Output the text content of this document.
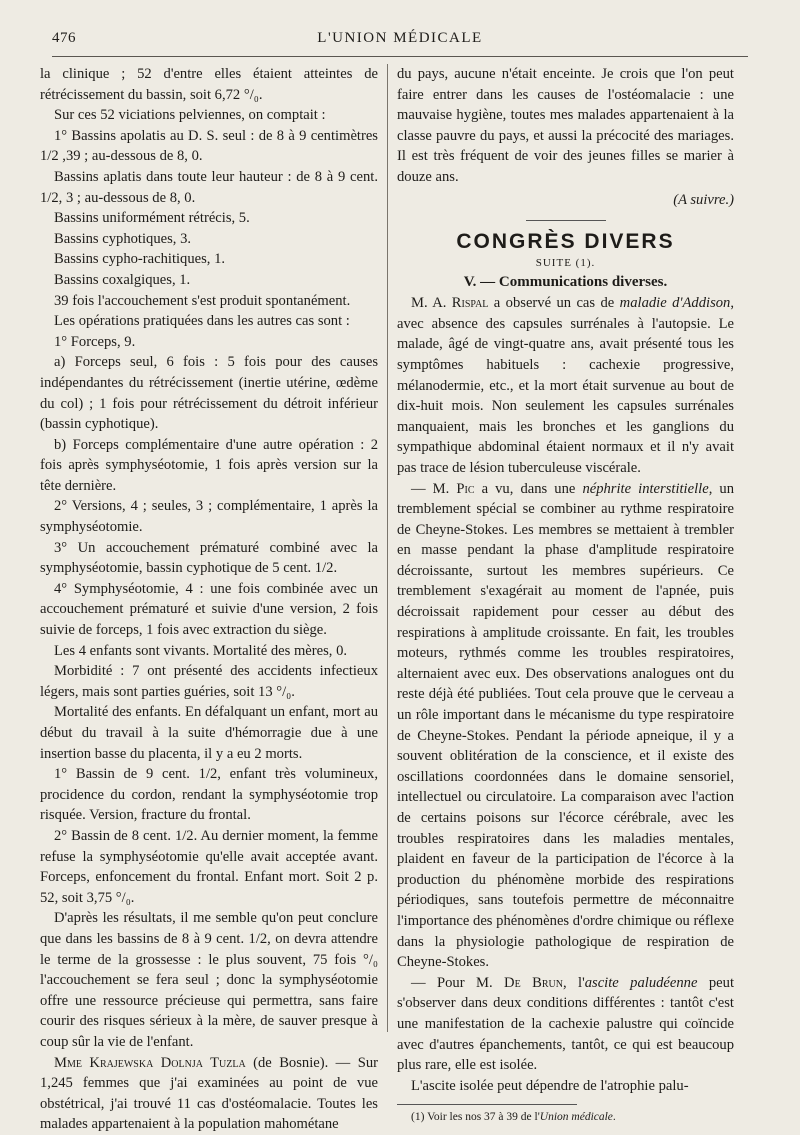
476	L'UNION MÉDICALE

la clinique ; 52 d'entre elles étaient atteintes de rétrécissement du bassin, soit 6,72 °/₀.

Sur ces 52 viciations pelviennes, on comptait :

1° Bassins apolatis au D. S. seul : de 8 à 9 centimètres 1/2 ,39 ; au-dessous de 8, 0.

Bassins aplatis dans toute leur hauteur : de 8 à 9 cent. 1/2, 3 ; au-dessous de 8, 0.

Bassins uniformément rétrécis, 5.

Bassins cyphotiques, 3.

Bassins cypho-rachitiques, 1.

Bassins coxalgiques, 1.

39 fois l'accouchement s'est produit spontanément.

Les opérations pratiquées dans les autres cas sont :

1° Forceps, 9.

a) Forceps seul, 6 fois : 5 fois pour des causes indépendantes du rétrécissement (inertie utérine, œdème du col) ; 1 fois pour rétrécissement du détroit inférieur (bassin cyphotique).

b) Forceps complémentaire d'une autre opération : 2 fois après symphyséotomie, 1 fois après version sur la tête dernière.

2° Versions, 4 ; seules, 3 ; complémentaire, 1 après la symphyséotomie.

3° Un accouchement prématuré combiné avec la symphyséotomie, bassin cyphotique de 5 cent. 1/2.

4° Symphyséotomie, 4 : une fois combinée avec un accouchement prématuré et suivie d'une version, 2 fois suivie de forceps, 1 fois avec extraction du siège.

Les 4 enfants sont vivants. Mortalité des mères, 0.

Morbidité : 7 ont présenté des accidents infectieux légers, mais sont parties guéries, soit 13 °/₀.

Mortalité des enfants. En défalquant un enfant, mort au début du travail à la suite d'hémorragie due à une insertion basse du placenta, il y a eu 2 morts.

1° Bassin de 9 cent. 1/2, enfant très volumineux, procidence du cordon, rendant la symphyséotomie trop risquée. Version, fracture du frontal.

2° Bassin de 8 cent. 1/2. Au dernier moment, la femme refuse la symphyséotomie qu'elle avait acceptée avant. Forceps, enfoncement du frontal. Enfant mort. Soit 2 p. 52, soit 3,75 °/₀.

D'après les résultats, il me semble qu'on peut conclure que dans les bassins de 8 à 9 cent. 1/2, on devra attendre le terme de la grossesse : le plus souvent, 75 fois °/₀ l'accouchement se fera seul ; donc la symphyséotomie offre une ressource précieuse qui permettra, sans faire courir des risques sérieux à la mère, de sauver presque à coup sûr la vie de l'enfant.

Mme Krajewska Dolnja Tuzla (de Bosnie). — Sur 1,245 femmes que j'ai examinées au point de vue obstétrical, j'ai trouvé 11 cas d'ostéomalacie. Toutes les malades appartenaient à la population mahométane

du pays, aucune n'était enceinte. Je crois que l'on peut faire entrer dans les causes de l'ostéomalacie : une mauvaise hygiène, toutes mes malades appartenaient à la classe pauvre du pays, et aussi la précocité des mariages. Il est très fréquent de voir des jeunes filles se marier à douze ans.

(A suivre.)

CONGRÈS DIVERS
SUITE (1).
V. — Communications diverses.

M. A. Rispal a observé un cas de maladie d'Addison, avec absence des capsules surrénales à l'autopsie. Le malade, âgé de vingt-quatre ans, avait présenté tous les symptômes habituels : cachexie progressive, mélanodermie, etc., et la mort était survenue au bout de dix-huit mois. Non seulement les capsules surrénales manquaient, mais les bronches et les ganglions du sympathique abdominal étaient normaux et il n'y avait pas trace de lésion tuberculeuse viscérale.

— M. Pic a vu, dans une néphrite interstitielle, un tremblement spécial se combiner au rythme respiratoire de Cheyne-Stokes. Les membres se mettaient à trembler en masse pendant la phase d'amplitude respiratoire décroissante, surtout les membres supérieurs. Ce tremblement s'exagérait au moment de l'apnée, puis décroissait rapidement pour cesser au début des respirations à amplitude croissante. En fait, les troubles moteurs, rythmés comme les troubles respiratoires, alternaient avec eux. Des observations analogues ont du reste déjà été publiées. Tout cela prouve que le cerveau a un rôle important dans le mécanisme du type respiratoire de Cheyne-Stokes. Pendant la période apneique, il y a souvent oblitération de la conscience, et il existe des oscillations coordonnées dans le domaine sensoriel, intellectuel ou circulatoire. La comparaison avec l'action de certains poisons sur l'écorce cérébrale, avec les troubles respiratoires dans les maladies mentales, plaident en faveur de la participation de l'écorce à la production du phénomène morbide des respirations périodiques, sans toutefois permettre de méconnaitre l'importance des phénomènes d'ordre chimique ou réflexe dans la physiologie pathologique de respiration de Cheyne-Stokes.

— Pour M. De Brun, l'ascite paludéenne peut s'observer dans deux conditions différentes : tantôt c'est une manifestation de la cachexie palustre qui coïncide avec d'autres épanchements, tantôt, ce qui est beaucoup plus rare, elle est isolée.

L'ascite isolée peut dépendre de l'atrophie palu-

(1) Voir les nos 37 à 39 de l'Union médicale.
